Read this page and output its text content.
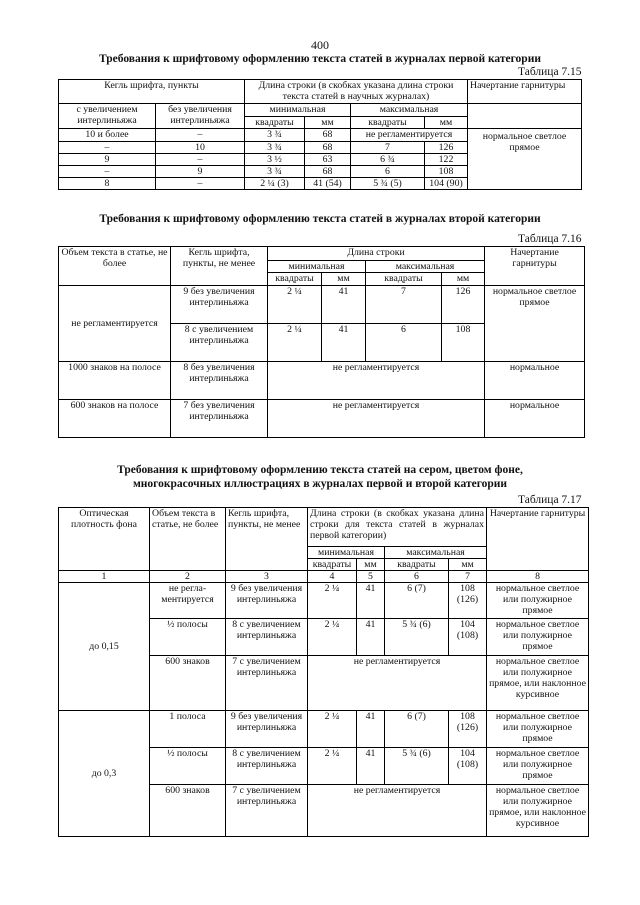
400
Требования к шрифтовому оформлению текста статей в журналах первой категории
Таблица 7.15
Кегль шрифта, пункты		Длина строки (в скобках указана длина строки текста статей в научных журналах)				Начертание гарнитуры
с увеличением интерлиньяжа	без увеличения интерлиньяжа	минимальная		максимальная		
		квадраты	мм	квадраты	мм	
10 и более	–	3 ¾	68	не регламентируется		нормальное светлое прямое
–	10	3 ¾	68	7	126	
9	–	3 ½	63	6 ¾	122	
–	9	3 ¾	68	6	108	
8	–	2 ¼ (3)	41 (54)	5 ¾ (5)	104 (90)	
Требования к шрифтовому оформлению текста статей в журналах второй категории
Таблица 7.16
Объем текста в статье, не более	Кегль шрифта, пункты, не менее	Длина строки				Начертание гарнитуры
		минимальная		максимальная		
		квадраты	мм	квадраты	мм	
не регламентируется	9 без увеличения интерлиньяжа	2 ¼	41	7	126	нормальное светлое прямое
	8 с увеличением интерлиньяжа	2 ¼	41	6	108	
1000 знаков на полосе	8 без увеличения интерлиньяжа	не регламентируется				нормальное
600 знаков на полосе	7 без увеличения интерлиньяжа	не регламентируется				нормальное
Требования к шрифтовому оформлению текста статей на сером, цветом фоне, многокрасочных иллюстрациях в журналах первой и второй категории
Таблица 7.17
Оптическая плотность фона	Объем текста в статье, не более	Кегль шрифта, пункты, не менее	Длина строки (в скобках указана длина строки для текста статей в журналах первой категории)				Начертание гарнитуры
			минимальная		максимальная		
			квадраты	мм	квадраты	мм	
1	2	3	4	5	6	7	8
до 0,15	не регла-ментируется	9 без увеличения интерлиньяжа	2 ¼	41	6 (7)	108 (126)	нормальное светлое или полужирное прямое
	½ полосы	8 с увеличением интерлиньяжа	2 ¼	41	5 ¾ (6)	104 (108)	нормальное светлое или полужирное прямое
	600 знаков	7 с увеличением интерлиньяжа	не регламентируется				нормальное светлое или полужирное прямое, или наклонное курсивное
до 0,3	1 полоса	9 без увеличения интерлиньяжа	2 ¼	41	6 (7)	108 (126)	нормальное светлое или полужирное прямое
	½ полосы	8 с увеличением интерлиньяжа	2 ¼	41	5 ¾ (6)	104 (108)	нормальное светлое или полужирное прямое
	600 знаков	7 с увеличением интерлиньяжа	не регламентируется				нормальное светлое или полужирное прямое, или наклонное курсивное
